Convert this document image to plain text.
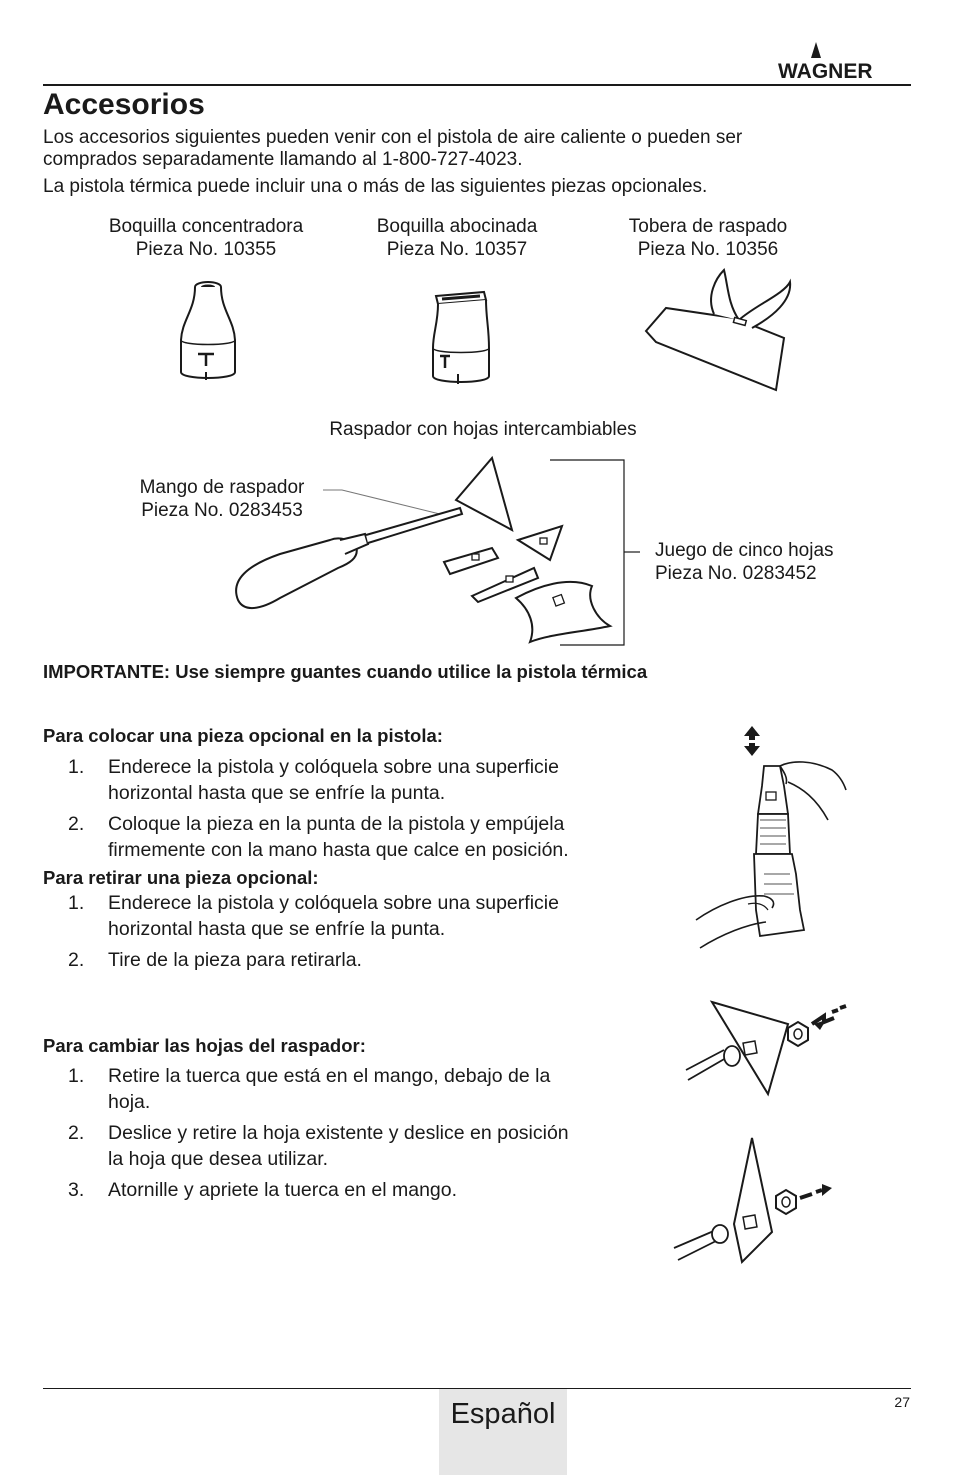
WAGNER
Accesorios
Los accesorios siguientes pueden venir con el pistola de aire caliente o pueden ser
comprados separadamente llamando al 1-800-727-4023.
La pistola térmica puede incluir una o más de las siguientes piezas opcionales.
Boquilla concentradora
Pieza No. 10355
Boquilla abocinada
Pieza No. 10357
Tobera de raspado
Pieza No. 10356
Raspador con hojas intercambiables
Mango de raspador
Pieza No. 0283453
Juego de cinco hojas
Pieza No. 0283452
IMPORTANTE: Use siempre guantes cuando utilice la pistola térmica
Para colocar una pieza opcional en la pistola:
1. Enderece la pistola y colóquela sobre una superficie
horizontal hasta que se enfríe la punta.
2. Coloque la pieza en la punta de la pistola y empújela
firmemente con la mano hasta que calce en posición.
Para retirar una pieza opcional:
1. Enderece la pistola y colóquela sobre una superficie
horizontal hasta que se enfríe la punta.
2. Tire de la pieza para retirarla.
Para cambiar las hojas del raspador:
1. Retire la tuerca que está en el mango, debajo de la
hoja.
2. Deslice y retire la hoja existente y deslice en posición
la hoja que desea utilizar.
3. Atornille y apriete la tuerca en el mango.
Español	27
